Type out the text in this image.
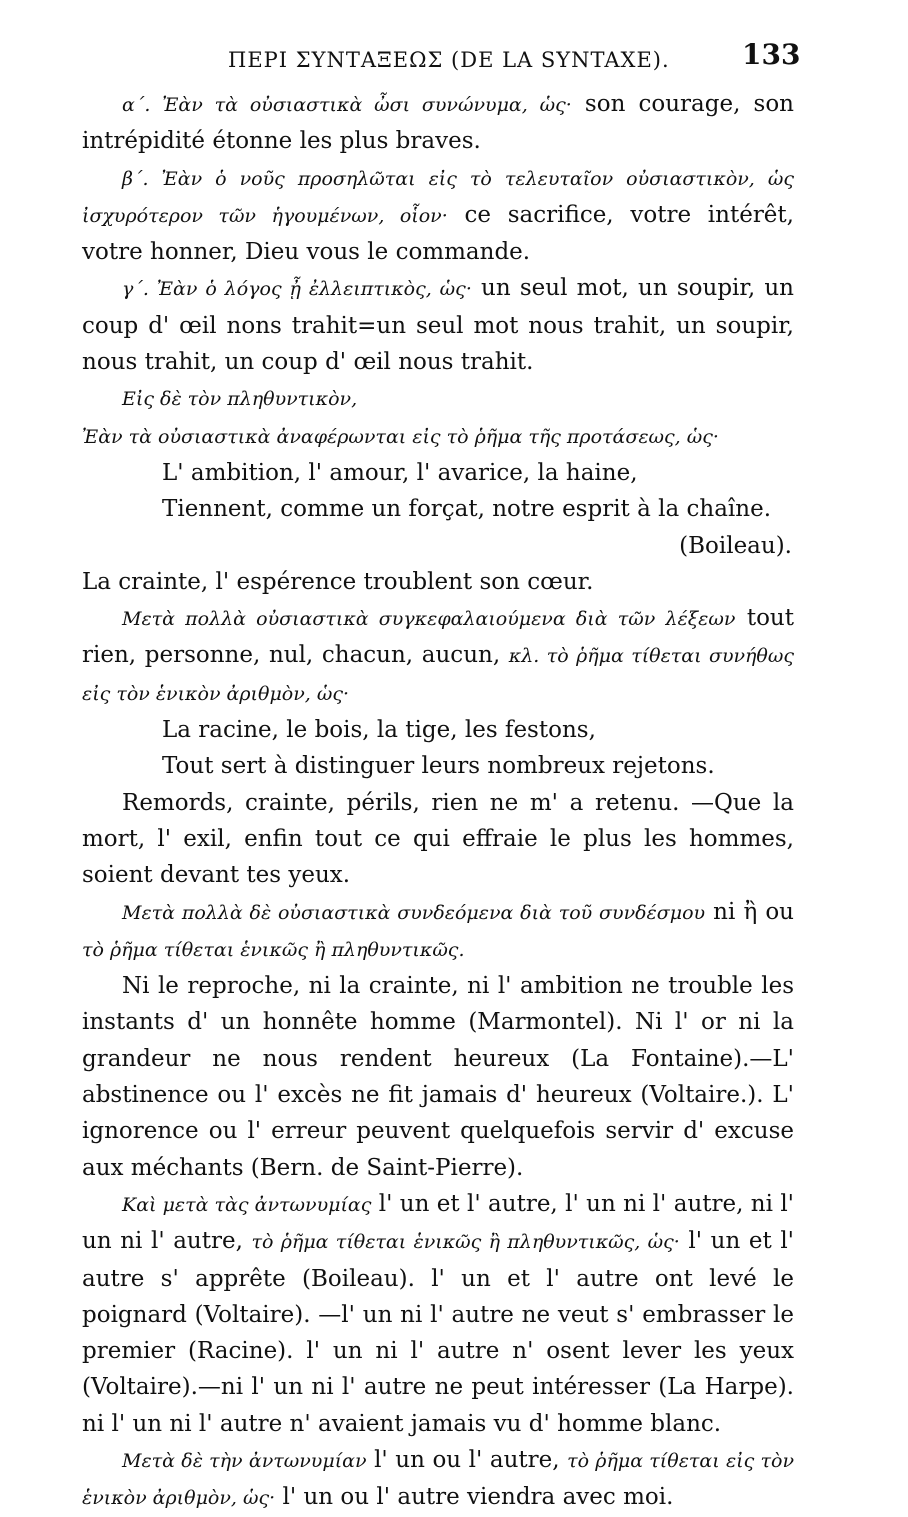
ΠΕΡΙ ΣΥΝΤΑΞΕΩΣ (DE LA SYNTAXE).	133

α΄. Ἐὰν τὰ οὐσιαστικὰ ὦσι συνώνυμα, ὡς· son courage, son intrépidité étonne les plus braves.

β΄. Ἐὰν ὁ νοῦς προσηλῶται εἰς τὸ τελευταῖον οὐσιαστικὸν, ὡς ἰσχυρότερον τῶν ἡγουμένων, οἷον· ce sacrifice, votre intérêt, votre honner, Dieu vous le commande.

γ΄. Ἐὰν ὁ λόγος ᾖ ἐλλειπτικὸς, ὡς· un seul mot, un soupir, un coup d' œil nons trahit=un seul mot nous trahit, un soupir, nous trahit, un coup d' œil nous trahit.

Εἰς δὲ τὸν πληθυντικὸν,

Ἐὰν τὰ οὐσιαστικὰ ἀναφέρωνται εἰς τὸ ῥῆμα τῆς προτάσεως, ὡς·

L' ambition, l' amour, l' avarice, la haine,

Tiennent, comme un forçat, notre esprit à la chaîne.

(Boileau).

La crainte, l' espérence troublent son cœur.

Μετὰ πολλὰ οὐσιαστικὰ συγκεφαλαιούμενα διὰ τῶν λέξεων tout rien, personne, nul, chacun, aucun, κλ. τὸ ῥῆμα τίθεται συνήθως εἰς τὸν ἑνικὸν ἀριθμὸν, ὡς·

La racine, le bois, la tige, les festons,

Tout sert à distinguer leurs nombreux rejetons.

Remords, crainte, périls, rien ne m' a retenu. —Que la mort, l' exil, enfin tout ce qui effraie le plus les hommes, soient devant tes yeux.

Μετὰ πολλὰ δὲ οὐσιαστικὰ συνδεόμενα διὰ τοῦ συνδέσμου ni ἢ ou τὸ ῥῆμα τίθεται ἑνικῶς ἢ πληθυντικῶς.

Ni le reproche, ni la crainte, ni l' ambition ne trouble les instants d' un honnête homme (Marmontel). Ni l' or ni la grandeur ne nous rendent heureux (La Fontaine).—L' abstinence ou l' excès ne fit jamais d' heureux (Voltaire.). L' ignorence ou l' erreur peuvent quelquefois servir d' excuse aux méchants (Bern. de Saint-Pierre).

Καὶ μετὰ τὰς ἀντωνυμίας l' un et l' autre, l' un ni l' autre, ni l' un ni l' autre, τὸ ῥῆμα τίθεται ἑνικῶς ἢ πληθυντικῶς, ὡς· l' un et l' autre s' apprête (Boileau). l' un et l' autre ont levé le poignard (Voltaire). —l' un ni l' autre ne veut s' embrasser le premier (Racine). l' un ni l' autre n' osent lever les yeux (Voltaire).—ni l' un ni l' autre ne peut intéresser (La Harpe). ni l' un ni l' autre n' avaient jamais vu d' homme blanc.

Μετὰ δὲ τὴν ἀντωνυμίαν l' un ou l' autre, τὸ ῥῆμα τίθεται εἰς τὸν ἑνικὸν ἀριθμὸν, ὡς· l' un ou l' autre viendra avec moi.
